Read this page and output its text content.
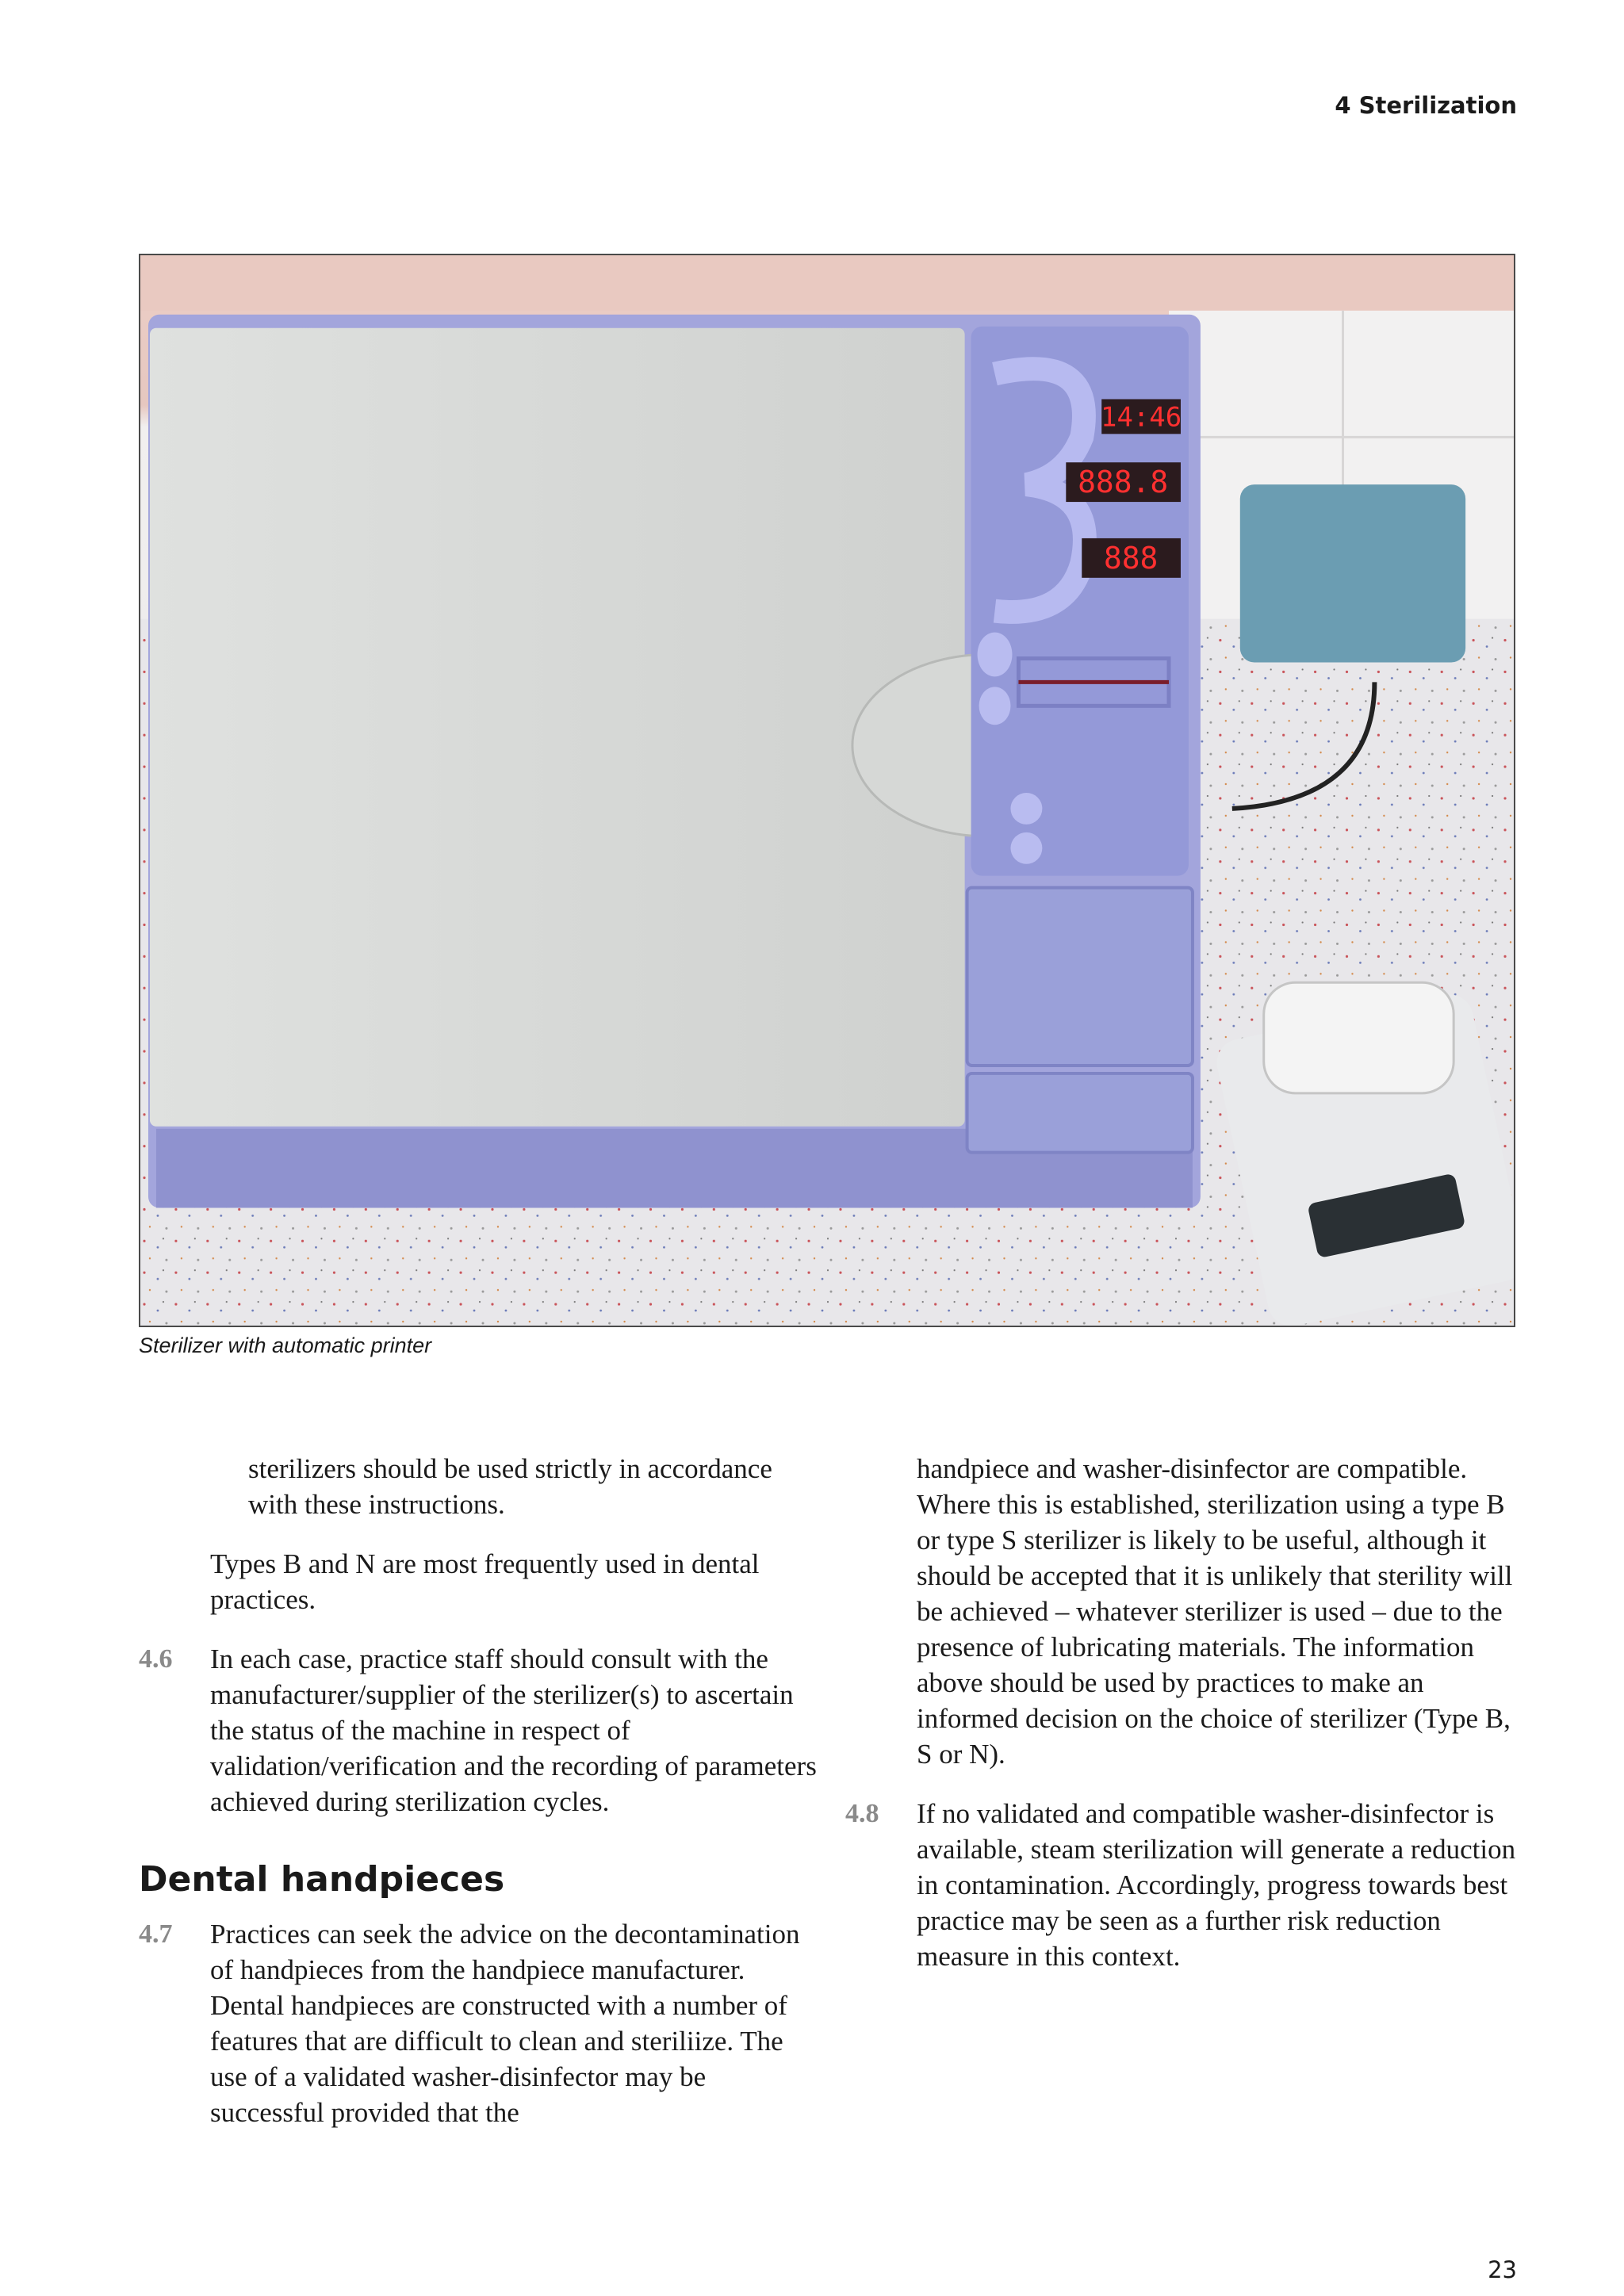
4 Sterilization
14:46
888.8
888
Sterilizer with automatic printer

sterilizers should be used strictly in accordance with these instructions.

Types B and N are most frequently used in dental practices.

4.6 In each case, practice staff should consult with the manufacturer/supplier of the sterilizer(s) to ascertain the status of the machine in respect of validation/verification and the recording of parameters achieved during sterilization cycles.
Dental handpieces
4.7 Practices can seek the advice on the decontamination of handpieces from the handpiece manufacturer. Dental handpieces are constructed with a number of features that are difficult to clean and steriliize. The use of a validated washer-disinfector may be successful provided that the

handpiece and washer-disinfector are compatible. Where this is established, sterilization using a type B or type S sterilizer is likely to be useful, although it should be accepted that it is unlikely that sterility will be achieved – whatever sterilizer is used – due to the presence of lubricating materials. The information above should be used by practices to make an informed decision on the choice of sterilizer (Type B, S or N).

4.8 If no validated and compatible washer-disinfector is available, steam sterilization will generate a reduction in contamination. Accordingly, progress towards best practice may be seen as a further risk reduction measure in this context.
23
